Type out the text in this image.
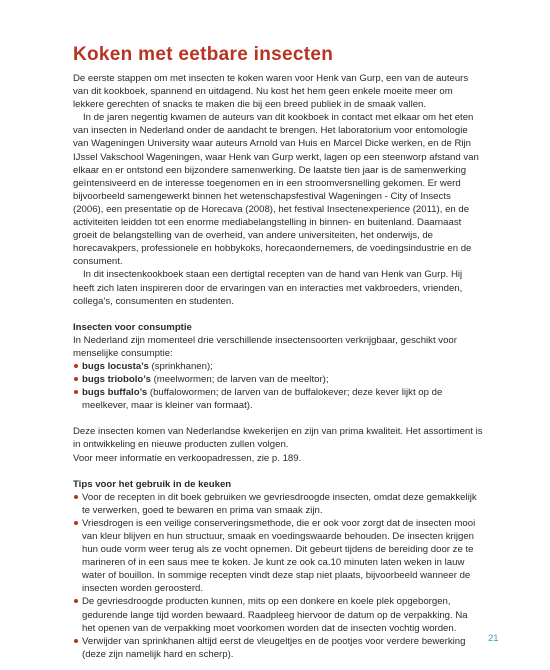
Koken met eetbare insecten

De eerste stappen om met insecten te koken waren voor Henk van Gurp, een van de auteurs van dit kookboek, spannend en uitdagend. Nu kost het hem geen enkele moeite meer om lekkere gerechten of snacks te maken die bij een breed publiek in de smaak vallen.

In de jaren negentig kwamen de auteurs van dit kookboek in contact met elkaar om het eten van insecten in Nederland onder de aandacht te brengen. Het laboratorium voor entomologie van Wageningen University waar auteurs Arnold van Huis en Marcel Dicke werken, en de Rijn IJssel Vakschool Wageningen, waar Henk van Gurp werkt, lagen op een steenworp afstand van elkaar en er ontstond een bijzondere samenwerking. De laatste tien jaar is de samenwerking geïntensiveerd en de interesse toegenomen en in een stroomversnelling gekomen. Er werd bijvoorbeeld samengewerkt binnen het wetenschapsfestival Wageningen - City of Insects (2006), een presentatie op de Horecava (2008), het festival Insectenexperience (2011), en de activiteiten leidden tot een enorme mediabelangstelling in binnen- en buitenland. Daarnaast groeit de belangstelling van de overheid, van andere universiteiten, het onderwijs, de horecavakpers, professionele en hobbykoks, horecaondernemers, de voedingsindustrie en de consument.

In dit insectenkookboek staan een dertigtal recepten van de hand van Henk van Gurp. Hij heeft zich laten inspireren door de ervaringen van en interacties met vakbroeders, vrienden, collega’s, consumenten en studenten.

Insecten voor consumptie

In Nederland zijn momenteel drie verschillende insectensoorten verkrijgbaar, geschikt voor menselijke consumptie:

bugs locusta’s (sprinkhanen);
bugs triobolo’s (meelwormen; de larven van de meeltor);
bugs buffalo’s (buffalowormen; de larven van de buffalokever; deze kever lijkt op de meelkever, maar is kleiner van formaat).

Deze insecten komen van Nederlandse kwekerijen en zijn van prima kwaliteit. Het assortiment is in ontwikkeling en nieuwe producten zullen volgen.

Voor meer informatie en verkoopadressen, zie p. 189.

Tips voor het gebruik in de keuken

Voor de recepten in dit boek gebruiken we gevriesdroogde insecten, omdat deze gemakkelijk te verwerken, goed te bewaren en prima van smaak zijn.
Vriesdrogen is een veilige conserveringsmethode, die er ook voor zorgt dat de insecten mooi van kleur blijven en hun structuur, smaak en voedingswaarde behouden. De insecten krijgen hun oude vorm weer terug als ze vocht opnemen. Dit gebeurt tijdens de bereiding door ze te marineren of in een saus mee te koken. Je kunt ze ook ca.10 minuten laten weken in lauw water of bouillon. In sommige recepten vindt deze stap niet plaats, bijvoorbeeld wanneer de insecten worden geroosterd.
De gevriesdroogde producten kunnen, mits op een donkere en koele plek opgeborgen, gedurende lange tijd worden bewaard. Raadpleeg hiervoor de datum op de verpakking. Na het openen van de verpakking moet voorkomen worden dat de insecten vochtig worden.
Verwijder van sprinkhanen altijd eerst de vleugeltjes en de pootjes voor verdere bewerking (deze zijn namelijk hard en scherp).
21
